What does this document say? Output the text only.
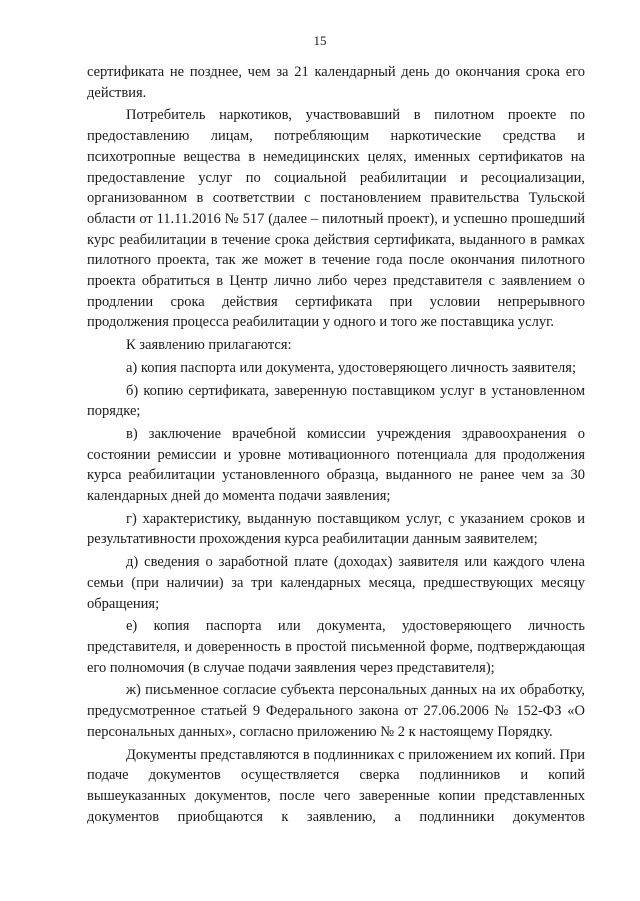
15

сертификата не позднее, чем за 21 календарный день до окончания срока его действия.

Потребитель наркотиков, участвовавший в пилотном проекте по предоставлению лицам, потребляющим наркотические средства и психотропные вещества в немедицинских целях, именных сертификатов на предоставление услуг по социальной реабилитации и ресоциализации, организованном в соответствии с постановлением правительства Тульской области от 11.11.2016 № 517 (далее – пилотный проект), и успешно прошедший курс реабилитации в течение срока действия сертификата, выданного в рамках пилотного проекта, так же может в течение года после окончания пилотного проекта обратиться в Центр лично либо через представителя с заявлением о продлении срока действия сертификата при условии непрерывного продолжения процесса реабилитации у одного и того же поставщика услуг.

К заявлению прилагаются:

а) копия паспорта или документа, удостоверяющего личность заявителя;

б) копию сертификата, заверенную поставщиком услуг в установленном порядке;

в) заключение врачебной комиссии учреждения здравоохранения о состоянии ремиссии и уровне мотивационного потенциала для продолжения курса реабилитации установленного образца, выданного не ранее чем за 30 календарных дней до момента подачи заявления;

г) характеристику, выданную поставщиком услуг, с указанием сроков и результативности прохождения курса реабилитации данным заявителем;

д) сведения о заработной плате (доходах) заявителя или каждого члена семьи (при наличии) за три календарных месяца, предшествующих месяцу обращения;

е) копия паспорта или документа, удостоверяющего личность представителя, и доверенность в простой письменной форме, подтверждающая его полномочия (в случае подачи заявления через представителя);

ж) письменное согласие субъекта персональных данных на их обработку, предусмотренное статьей 9 Федерального закона от 27.06.2006 № 152-ФЗ «О персональных данных», согласно приложению № 2 к настоящему Порядку.

Документы представляются в подлинниках с приложением их копий. При подаче документов осуществляется сверка подлинников и копий вышеуказанных документов, после чего заверенные копии представленных документов приобщаются к заявлению, а подлинники документов
